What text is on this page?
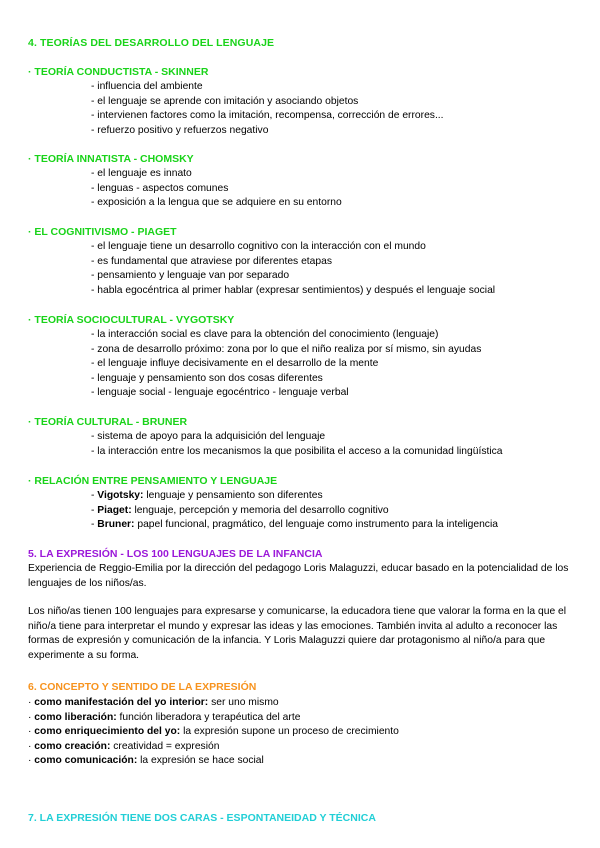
4. TEORÍAS DEL DESARROLLO DEL LENGUAJE
· TEORÍA CONDUCTISTA - SKINNER
- influencia del ambiente
- el lenguaje se aprende con imitación y asociando objetos
- intervienen factores como la imitación, recompensa, corrección de errores...
- refuerzo positivo y refuerzos negativo
· TEORÍA INNATISTA - CHOMSKY
- el lenguaje es innato
- lenguas - aspectos comunes
- exposición a la lengua que se adquiere en su entorno
· EL COGNITIVISMO - PIAGET
- el lenguaje tiene un desarrollo cognitivo con la interacción con el mundo
- es fundamental que atraviese por diferentes etapas
- pensamiento y lenguaje van por separado
- habla egocéntrica al primer hablar (expresar sentimientos) y después el lenguaje social
· TEORÍA SOCIOCULTURAL - VYGOTSKY
- la interacción social es clave para la obtención del conocimiento (lenguaje)
- zona de desarrollo próximo: zona por lo que el niño realiza por sí mismo, sin ayudas
- el lenguaje influye decisivamente en el desarrollo de la mente
- lenguaje y pensamiento son dos cosas diferentes
- lenguaje social - lenguaje egocéntrico - lenguaje verbal
· TEORÍA CULTURAL - BRUNER
- sistema de apoyo para la adquisición del lenguaje
- la interacción entre los mecanismos la que posibilita el acceso a la comunidad lingüística
· RELACIÓN ENTRE PENSAMIENTO Y LENGUAJE
- Vigotsky: lenguaje y pensamiento son diferentes
- Piaget: lenguaje, percepción y memoria del desarrollo cognitivo
- Bruner: papel funcional, pragmático, del lenguaje como instrumento para la inteligencia
5. LA EXPRESIÓN - LOS 100 LENGUAJES DE LA INFANCIA
Experiencia de Reggio-Emilia por la dirección del pedagogo Loris Malaguzzi, educar basado en la potencialidad de los lenguajes de los niños/as.
Los niño/as tienen 100 lenguajes para expresarse y comunicarse, la educadora tiene que valorar la forma en la que el niño/a tiene para interpretar el mundo y expresar las ideas y las emociones. También invita al adulto a reconocer las formas de expresión y comunicación de la infancia. Y Loris Malaguzzi quiere dar protagonismo al niño/a para que experimente a su forma.
6. CONCEPTO Y SENTIDO DE LA EXPRESIÓN
· como manifestación del yo interior: ser uno mismo
· como liberación: función liberadora y terapéutica del arte
· como enriquecimiento del yo: la expresión supone un proceso de crecimiento
· como creación: creatividad = expresión
· como comunicación: la expresión se hace social
7. LA EXPRESIÓN TIENE DOS CARAS - ESPONTANEIDAD Y TÉCNICA
